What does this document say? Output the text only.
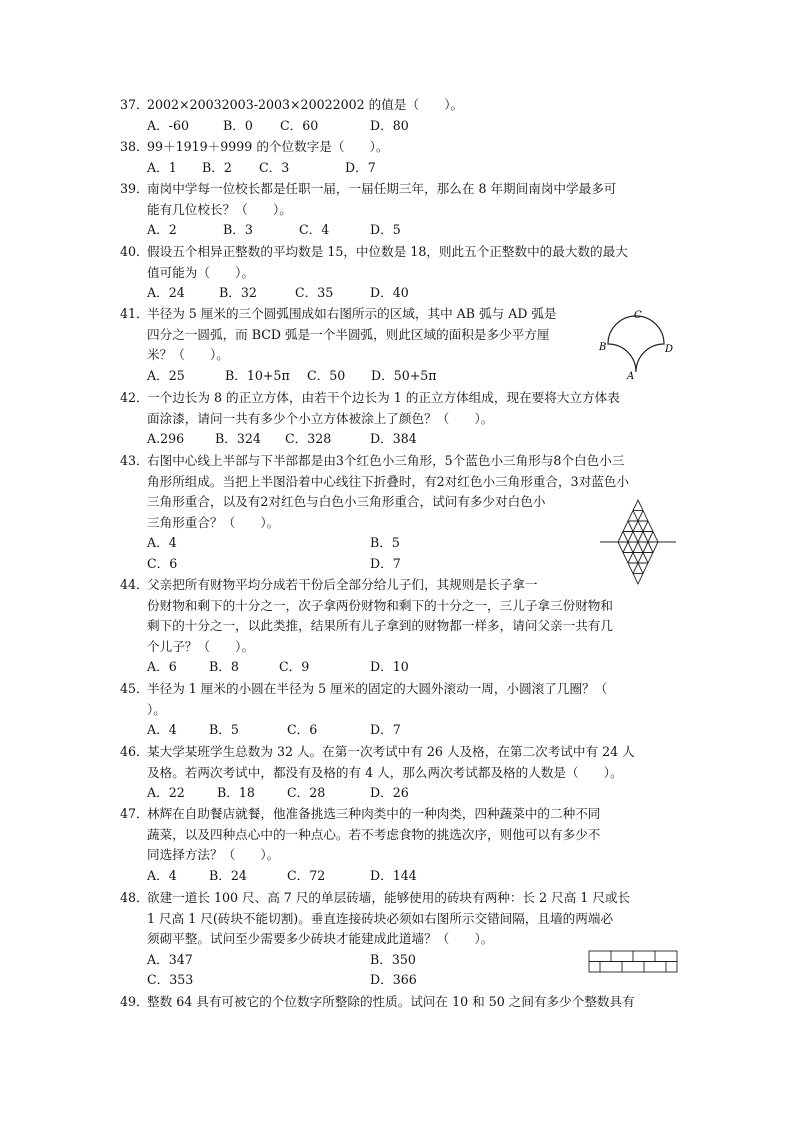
37．2002×20032003-2003×20022002 的值是（　　）。
A．-60	B．0 C．60	D．80
38．99＋1919＋9999 的个位数字是（　　）。
A．1 B．2 C．3	D．7
39．南岗中学每一位校长都是任职一届，一届任期三年，那么在 8 年期间南岗中学最多可
能有几位校长？（　　）。
A．2	B．3	C．4	D．5
40．假设五个相异正整数的平均数是 15，中位数是 18，则此五个正整数中的最大数的最大
值可能为（　　）。
A．24	B．32	C．35	D．40
41．半径为 5 厘米的三个圆弧围成如右图所示的区域，其中 AB 弧与 AD 弧是
四分之一圆弧，而 BCD 弧是一个半圆弧，则此区域的面积是多少平方厘
米？（　　）。
A．25	B．10+5π C．50 D．50+5π
C
B	D
A
42．一个边长为 8 的正立方体，由若干个边长为 1 的正立方体组成，现在要将大立方体表
面涂漆，请问一共有多少个小立方体被涂上了颜色？（　　）。
A.296 B．324 C．328	D．384
43．右图中心线上半部与下半部都是由3个红色小三角形，5个蓝色小三角形与8个白色小三
角形所组成。当把上半图沿着中心线往下折叠时，有2对红色小三角形重合，3对蓝色小
三角形重合，以及有2对红色与白色小三角形重合，试问有多少对白色小
三角形重合？（　　）。
A．4	B．5
C．6	D．7
44．父亲把所有财物平均分成若干份后全部分给儿子们，其规则是长子拿一
份财物和剩下的十分之一，次子拿两份财物和剩下的十分之一，三儿子拿三份财物和
剩下的十分之一，以此类推，结果所有儿子拿到的财物都一样多，请问父亲一共有几
个儿子？（　　）。
A．6	B．8	C．9	D．10
45．半径为 1 厘米的小圆在半径为 5 厘米的固定的大圆外滚动一周，小圆滚了几圈？（
）。
A．4	B．5	C．6	D．7
46．某大学某班学生总数为 32 人。在第一次考试中有 26 人及格，在第二次考试中有 24 人
及格。若两次考试中，都没有及格的有 4 人，那么两次考试都及格的人数是（　　）。
A．22	B．18	C．28	D．26
47．林辉在自助餐店就餐，他准备挑选三种肉类中的一种肉类，四种蔬菜中的二种不同
蔬菜，以及四种点心中的一种点心。若不考虑食物的挑选次序，则他可以有多少不
同选择方法？（　　）。
A．4	B．24	C．72	D．144
48．欲建一道长 100 尺、高 7 尺的单层砖墙，能够使用的砖块有两种：长 2 尺高 1 尺或长
1 尺高 1 尺(砖块不能切割)。垂直连接砖块必须如右图所示交错间隔，且墙的两端必
须砌平整。试问至少需要多少砖块才能建成此道墙？（　　）。
A．347	B．350
C．353	D．366
49．整数 64 具有可被它的个位数字所整除的性质。试问在 10 和 50 之间有多少个整数具有
